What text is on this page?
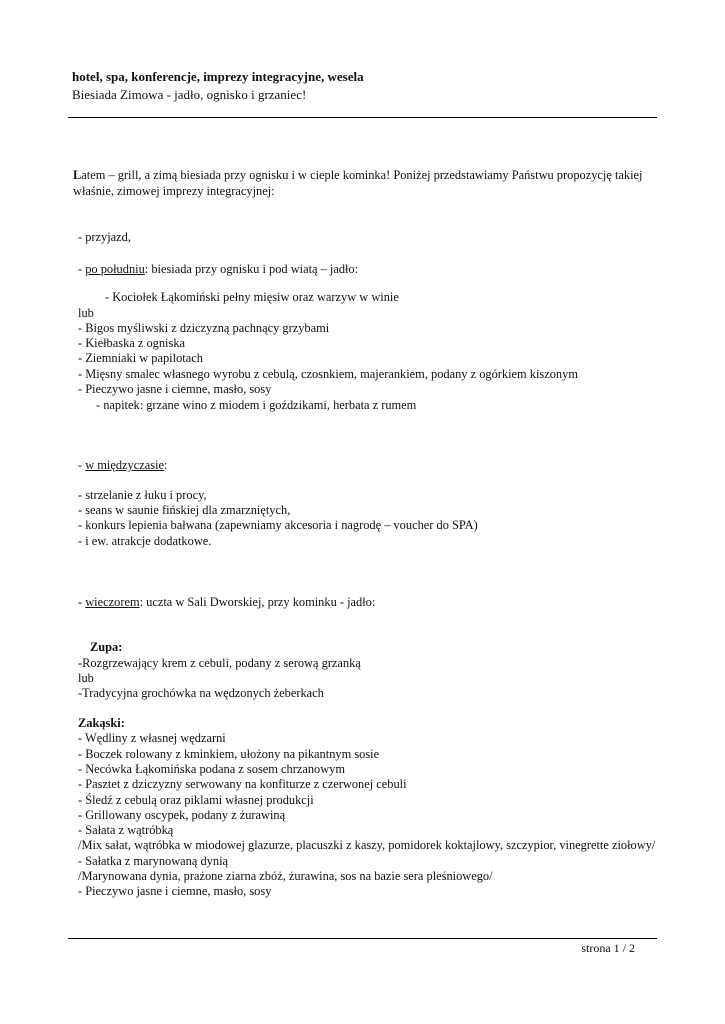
hotel, spa, konferencje, imprezy integracyjne, wesela
Biesiada Zimowa - jadło, ognisko i grzaniec!
Latem – grill, a zimą biesiada przy ognisku i w cieple kominka! Poniżej przedstawiamy Państwu propozycję takiej właśnie, zimowej imprezy integracyjnej:
- przyjazd,
- po południu: biesiada przy ognisku i pod wiatą – jadło:
- Kociołek Łąkomiński pełny mięsiw oraz warzyw w winie
lub
- Bigos myśliwski z dziczyzną pachnący grzybami
- Kiełbaska z ogniska
- Ziemniaki w papilotach
- Mięsny smalec własnego wyrobu z cebulą, czosnkiem, majerankiem, podany z ogórkiem kiszonym
- Pieczywo jasne i ciemne, masło, sosy
- napitek: grzane wino z miodem i goździkami, herbata z rumem
- w międzyczasie:
- strzelanie z łuku i procy,
- seans w saunie fińskiej dla zmarzniętych,
- konkurs lepienia bałwana (zapewniamy akcesoria i nagrodę – voucher do SPA)
- i ew. atrakcje dodatkowe.
- wieczorem: uczta w Sali Dworskiej, przy kominku - jadło:
Zupa:
-Rozgrzewający krem z cebuli, podany z serową grzanką
lub
-Tradycyjna grochówka na wędzonych żeberkach
Zakąski:
- Wędliny z własnej wędzarni
- Boczek rolowany z kminkiem, ułożony na pikantnym sosie
- Necówka Łąkomińska podana z sosem chrzanowym
- Pasztet z dziczyzny serwowany na konfiturze z czerwonej cebuli
- Śledź z cebulą oraz piklami własnej produkcji
- Grillowany oscypek, podany z żurawiną
- Sałata z wątróbką
/Mix sałat, wątróbka w miodowej glazurze, placuszki z kaszy, pomidorek koktajlowy, szczypior, vinegrette ziołowy/
- Sałatka z marynowaną dynią
/Marynowana dynia, prażone ziarna zbóż, żurawina, sos na bazie sera pleśniowego/
- Pieczywo jasne i ciemne, masło, sosy
strona 1 / 2
